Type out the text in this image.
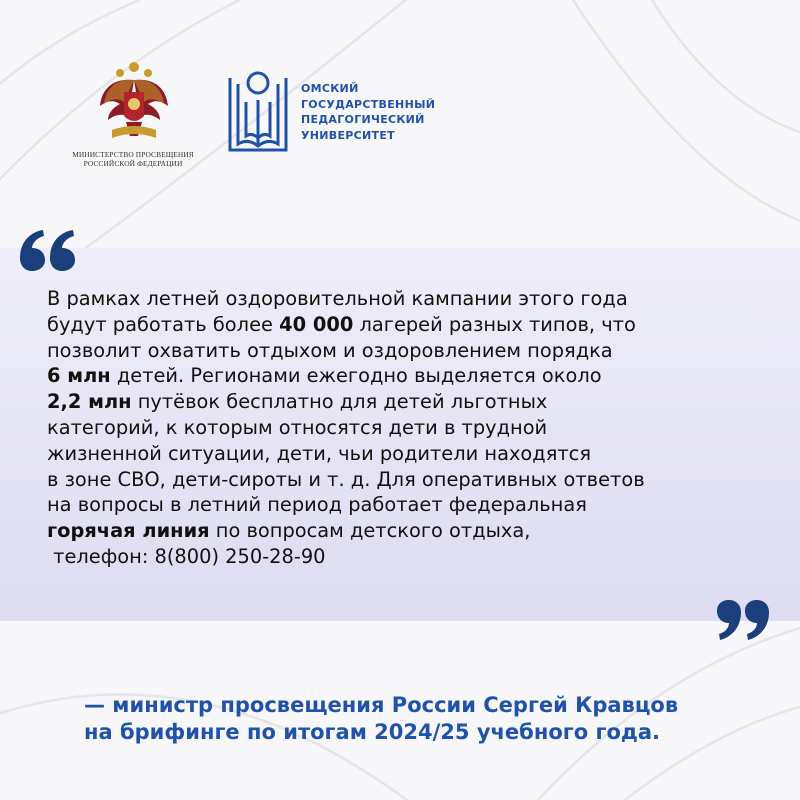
МИНИСТЕРСТВО ПРОСВЕЩЕНИЯ
РОССИЙСКОЙ ФЕДЕРАЦИИ
ОМСКИЙ
ГОСУДАРСТВЕННЫЙ
ПЕДАГОГИЧЕСКИЙ
УНИВЕРСИТЕТ
В рамках летней оздоровительной кампании этого года
будут работать более 40 000 лагерей разных типов, что
позволит охватить отдыхом и оздоровлением порядка
6 млн детей. Регионами ежегодно выделяется около
2,2 млн путёвок бесплатно для детей льготных
категорий, к которым относятся дети в трудной
жизненной ситуации, дети, чьи родители находятся
в зоне СВО, дети-сироты и т. д. Для оперативных ответов
на вопросы в летний период работает федеральная
горячая линия по вопросам детского отдыха,
телефон: 8(800) 250-28-90
— министр просвещения России Сергей Кравцов
на брифинге по итогам 2024/25 учебного года.
